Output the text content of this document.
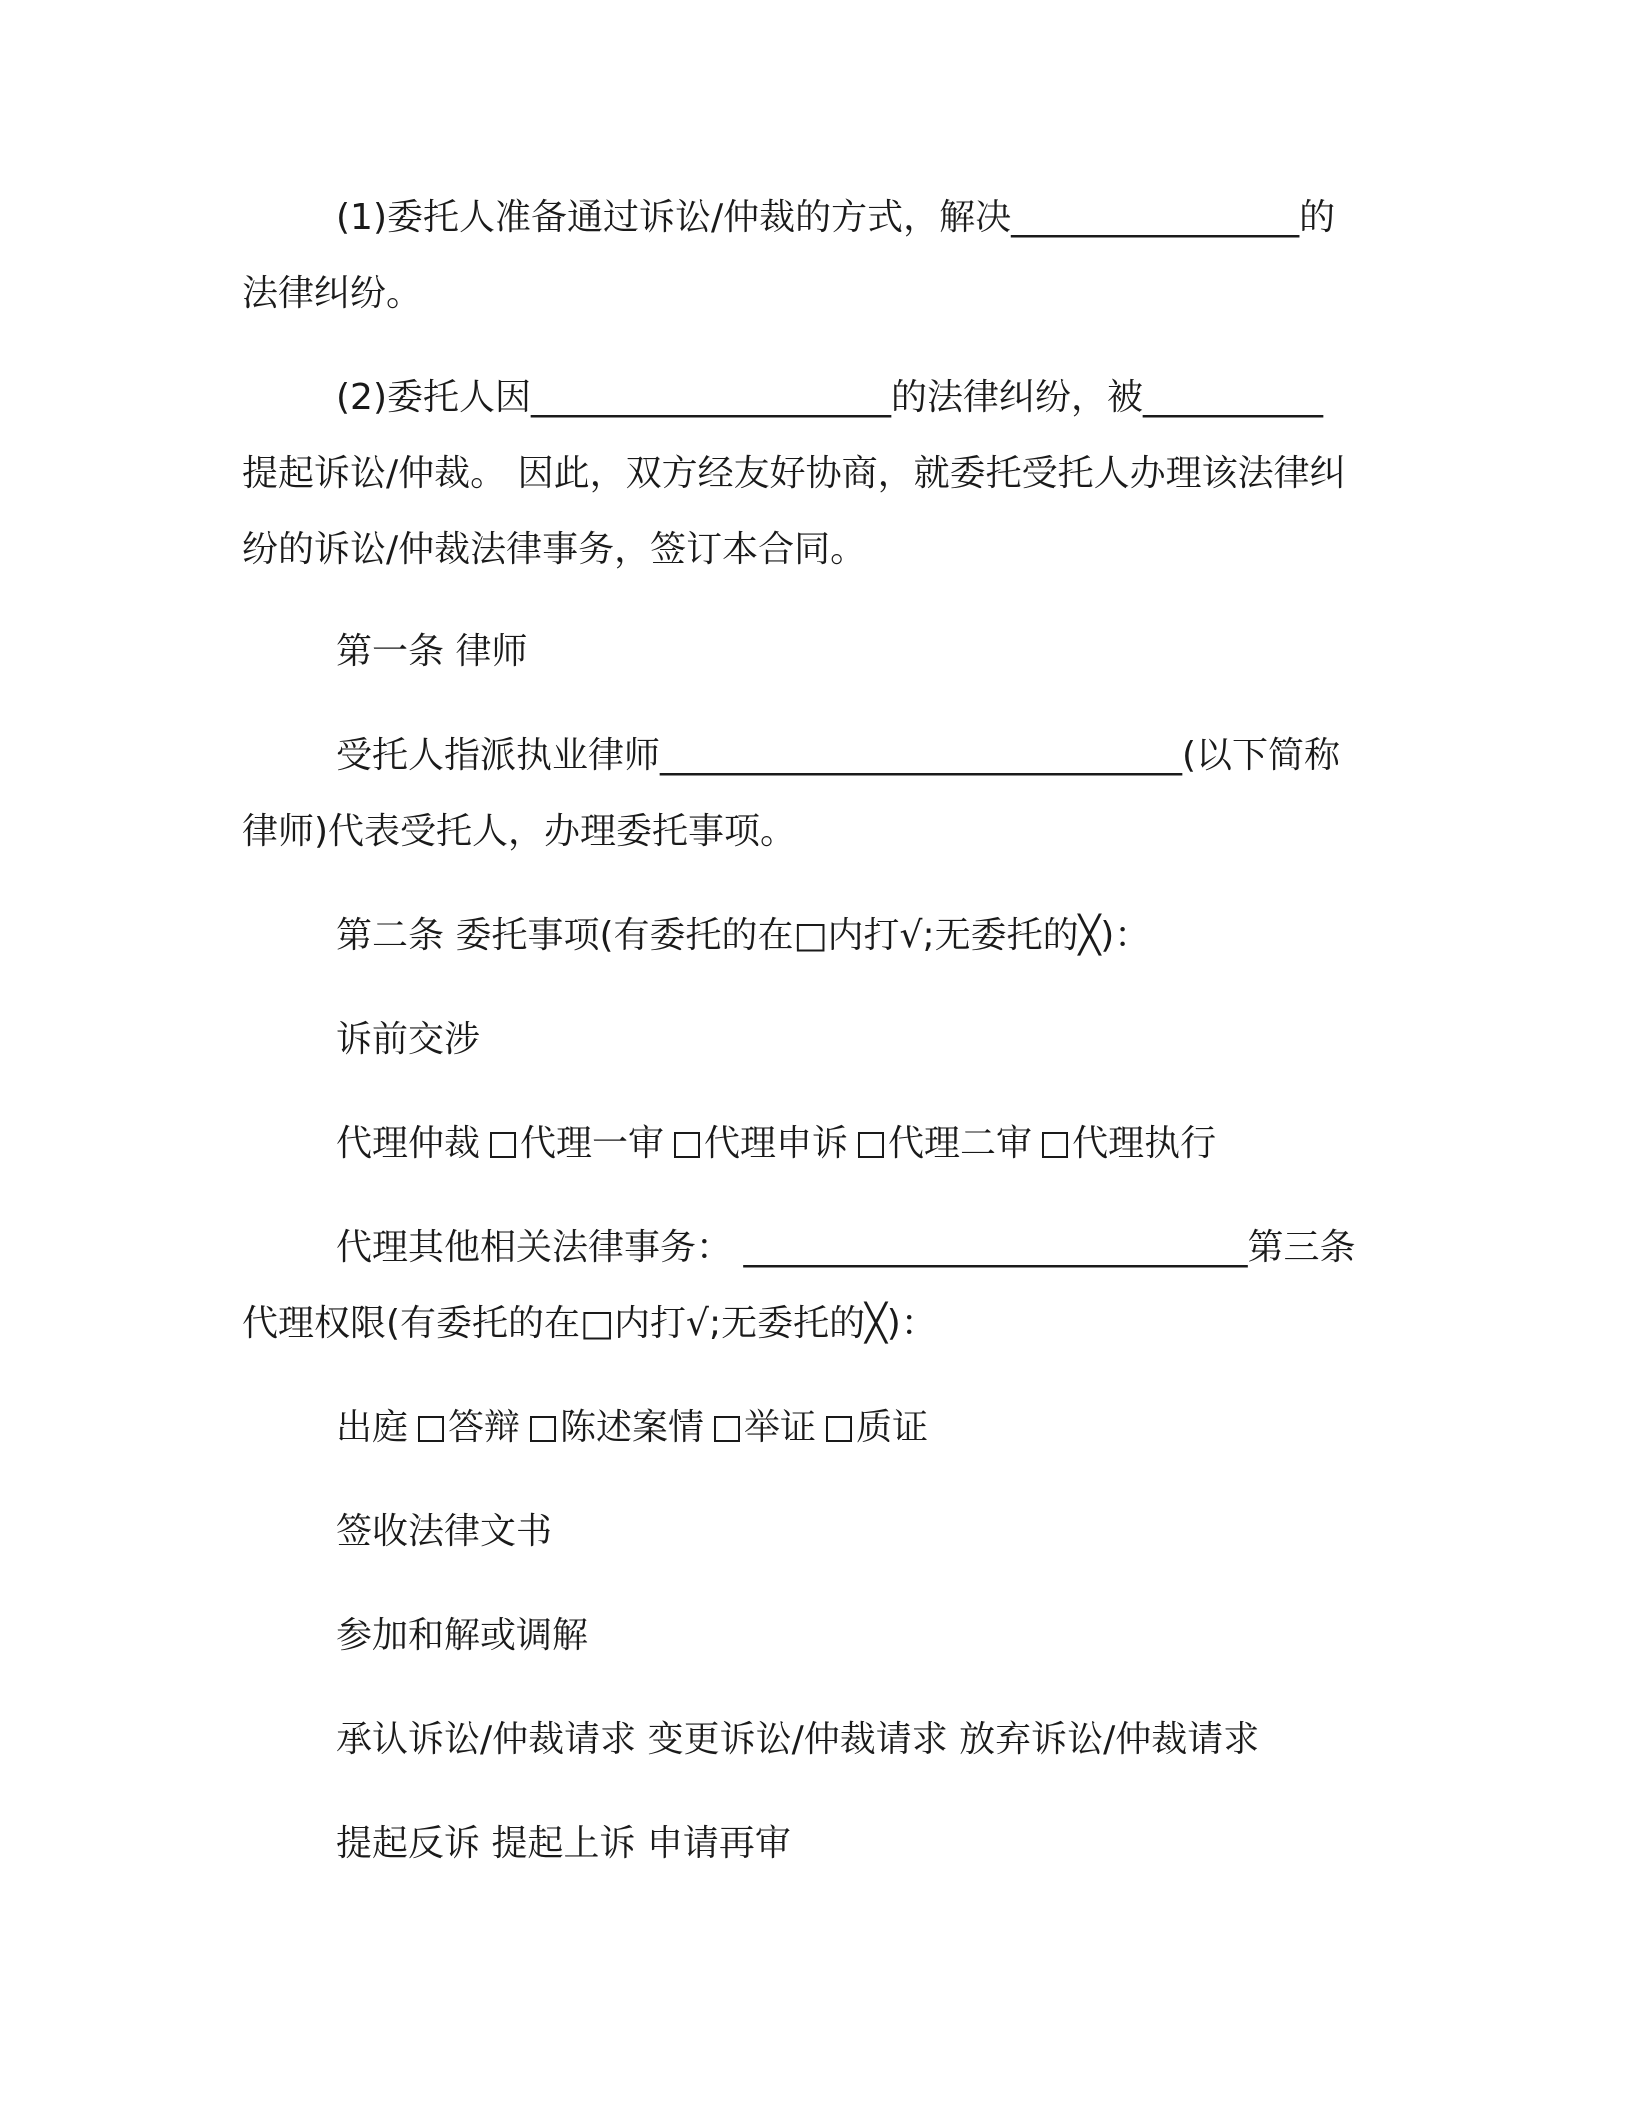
(1)委托人准备通过诉讼/仲裁的方式，解决________________的
法律纠纷。
(2)委托人因____________________的法律纠纷，被__________
提起诉讼/仲裁。 因此，双方经友好协商，就委托受托人办理该法律纠
纷的诉讼/仲裁法律事务，签订本合同。
第一条 律师
受托人指派执业律师_____________________________(以下简称
律师)代表受托人，办理委托事项。
第二条 委托事项(有委托的在□内打√;无委托的╳)：
诉前交涉
代理仲裁 代理一审 代理申诉 代理二审 代理执行
代理其他相关法律事务： ____________________________第三条
代理权限(有委托的在□内打√;无委托的╳)：
出庭 答辩 陈述案情 举证 质证
签收法律文书
参加和解或调解
承认诉讼/仲裁请求 变更诉讼/仲裁请求 放弃诉讼/仲裁请求
提起反诉 提起上诉 申请再审
